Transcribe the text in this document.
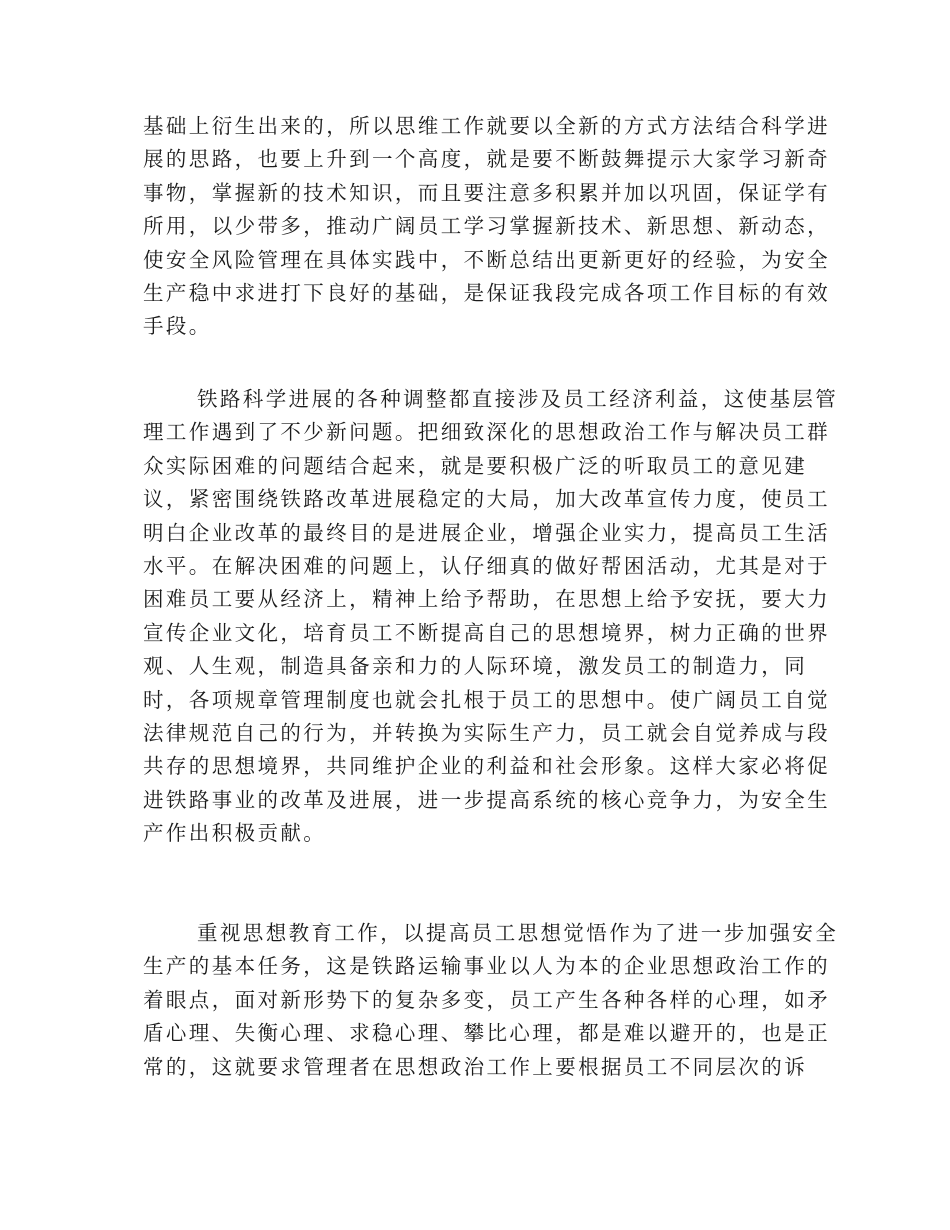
基础上衍生出来的，所以思维工作就要以全新的方式方法结合科学进
展的思路，也要上升到一个高度，就是要不断鼓舞提示大家学习新奇
事物，掌握新的技术知识，而且要注意多积累并加以巩固，保证学有
所用，以少带多，推动广阔员工学习掌握新技术、新思想、新动态，
使安全风险管理在具体实践中，不断总结出更新更好的经验，为安全
生产稳中求进打下良好的基础，是保证我段完成各项工作目标的有效
手段。
铁路科学进展的各种调整都直接涉及员工经济利益，这使基层管
理工作遇到了不少新问题。把细致深化的思想政治工作与解决员工群
众实际困难的问题结合起来，就是要积极广泛的听取员工的意见建
议，紧密围绕铁路改革进展稳定的大局，加大改革宣传力度，使员工
明白企业改革的最终目的是进展企业，增强企业实力，提高员工生活
水平。在解决困难的问题上，认仔细真的做好帮困活动，尤其是对于
困难员工要从经济上，精神上给予帮助，在思想上给予安抚，要大力
宣传企业文化，培育员工不断提高自己的思想境界，树力正确的世界
观、人生观，制造具备亲和力的人际环境，激发员工的制造力，同
时，各项规章管理制度也就会扎根于员工的思想中。使广阔员工自觉
法律规范自己的行为，并转换为实际生产力，员工就会自觉养成与段
共存的思想境界，共同维护企业的利益和社会形象。这样大家必将促
进铁路事业的改革及进展，进一步提高系统的核心竞争力，为安全生
产作出积极贡献。
重视思想教育工作，以提高员工思想觉悟作为了进一步加强安全
生产的基本任务，这是铁路运输事业以人为本的企业思想政治工作的
着眼点，面对新形势下的复杂多变，员工产生各种各样的心理，如矛
盾心理、失衡心理、求稳心理、攀比心理，都是难以避开的，也是正
常的，这就要求管理者在思想政治工作上要根据员工不同层次的诉
